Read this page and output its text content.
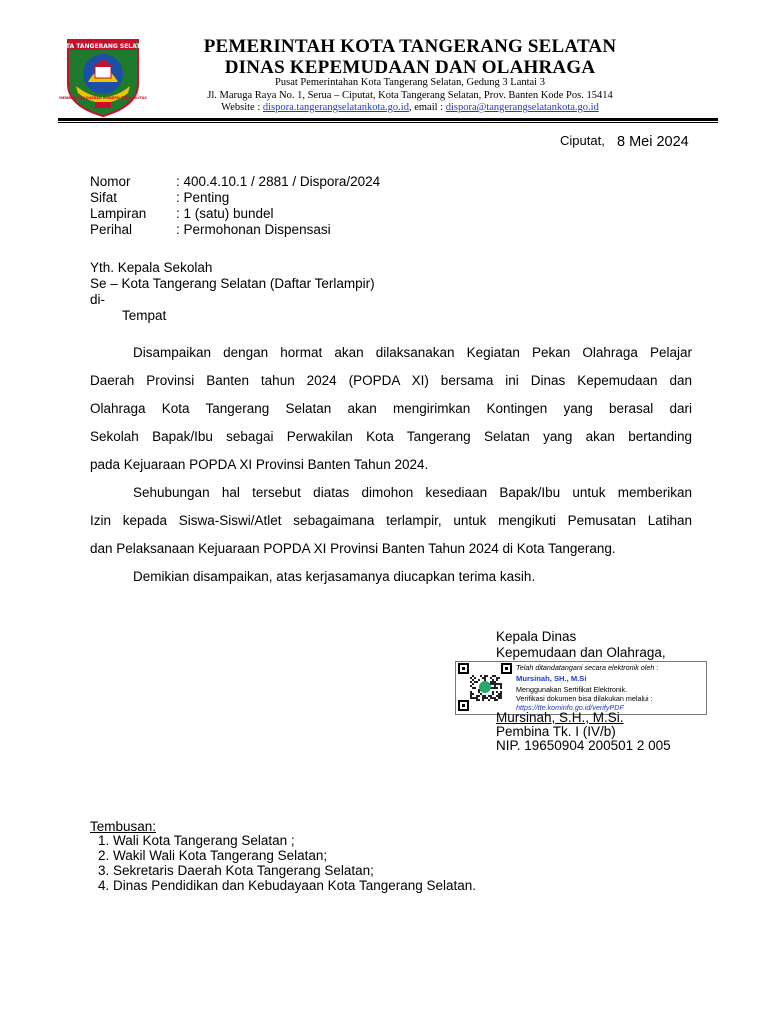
KOTA TANGERANG SELATAN
MEMBANGUN DAERAH MODERN BERKUALITAS
PEMERINTAH KOTA TANGERANG SELATAN
DINAS KEPEMUDAAN DAN OLAHRAGA
Pusat Pemerintahan Kota Tangerang Selatan, Gedung 3 Lantai 3
Jl. Maruga Raya No. 1, Serua – Ciputat, Kota Tangerang Selatan, Prov. Banten Kode Pos. 15414
Website : dispora.tangerangselatankota.go.id, email : dispora@tangerangselatankota.go.id
Ciputat, 8 Mei 2024
Nomor	: 400.4.10.1 / 2881 / Dispora/2024
Sifat	: Penting
Lampiran : 1 (satu) bundel
Perihal	: Permohonan Dispensasi
Yth. Kepala Sekolah
Se – Kota Tangerang Selatan (Daftar Terlampir)
di-
Tempat
Disampaikan dengan hormat akan dilaksanakan Kegiatan Pekan Olahraga Pelajar
Daerah Provinsi Banten tahun 2024 (POPDA XI) bersama ini Dinas Kepemudaan dan
Olahraga Kota Tangerang Selatan akan mengirimkan Kontingen yang berasal dari
Sekolah Bapak/Ibu sebagai Perwakilan Kota Tangerang Selatan yang akan bertanding
pada Kejuaraan POPDA XI Provinsi Banten Tahun 2024.
Sehubungan hal tersebut diatas dimohon kesediaan Bapak/Ibu untuk memberikan
Izin kepada Siswa-Siswi/Atlet sebagaimana terlampir, untuk mengikuti Pemusatan Latihan
dan Pelaksanaan Kejuaraan POPDA XI Provinsi Banten Tahun 2024 di Kota Tangerang.
Demikian disampaikan, atas kerjasamanya diucapkan terima kasih.
Kepala Dinas
Kepemudaan dan Olahraga,
Telah ditandatangani secara elektronik oleh :
Mursinah, SH., M.Si
Menggunakan Sertifikat Elektronik.
Verifikasi dokumen bisa dilakukan melalui :
https://tte.kominfo.go.id/verifyPDF
Mursinah, S.H., M.Si.
Pembina Tk. I (IV/b)
NIP. 19650904 200501 2 005
Tembusan:
1. Wali Kota Tangerang Selatan ;
2. Wakil Wali Kota Tangerang Selatan;
3. Sekretaris Daerah Kota Tangerang Selatan;
4. Dinas Pendidikan dan Kebudayaan Kota Tangerang Selatan.
